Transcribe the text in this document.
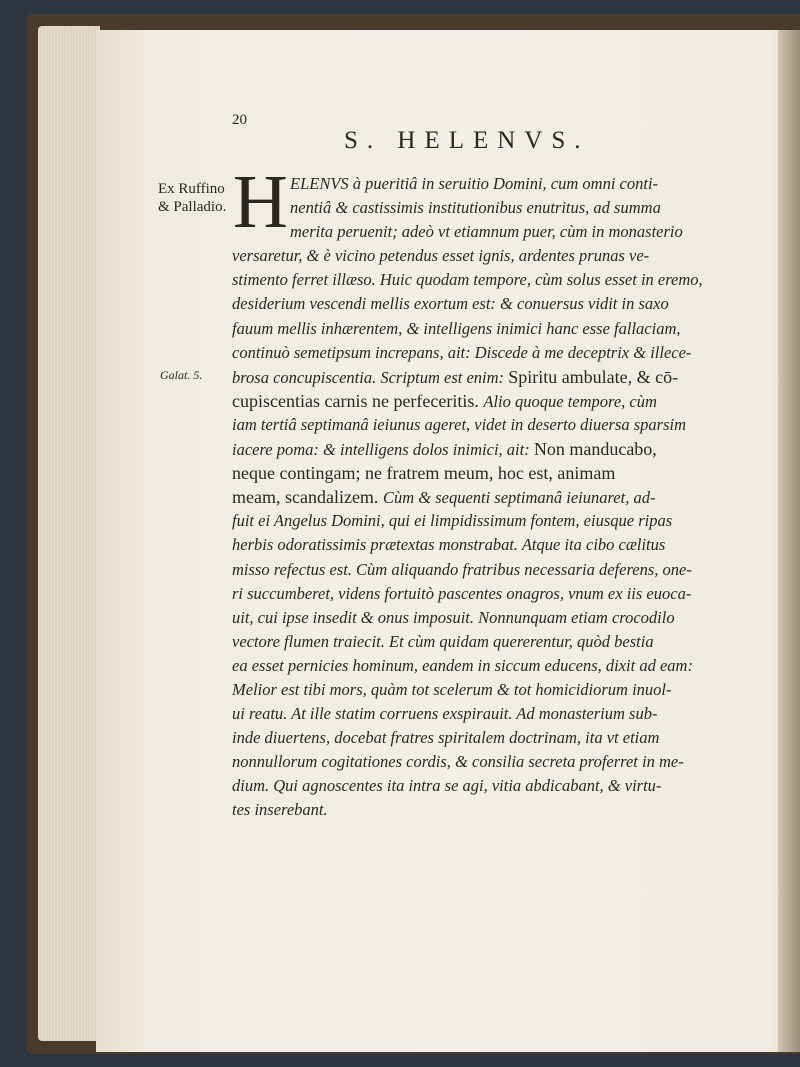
20
S. HELENVS.
Ex Ruffino
& Palladio.
Galat. 5.
H ELENVS à pueritiâ in seruitio Domini, cum omni conti-
nentiâ & castissimis institutionibus enutritus, ad summa
merita peruenit; adeò vt etiamnum puer, cùm in monasterio
versaretur, & è vicino petendus esset ignis, ardentes prunas ve-
stimento ferret illæso. Huic quodam tempore, cùm solus esset in eremo,
desiderium vescendi mellis exortum est: & conuersus vidit in saxo
fauum mellis inhærentem, & intelligens inimici hanc esse fallaciam,
continuò semetipsum increpans, ait: Discede à me deceptrix & illece-
brosa concupiscentia. Scriptum est enim: Spiritu ambulate, & cō-
cupiscentias carnis ne perfeceritis. Alio quoque tempore, cùm
iam tertiâ septimanâ ieiunus ageret, videt in deserto diuersa sparsim
iacere poma: & intelligens dolos inimici, ait: Non manducabo,
neque contingam; ne fratrem meum, hoc est, animam
meam, scandalizem. Cùm & sequenti septimanâ ieiunaret, ad-
fuit ei Angelus Domini, qui ei limpidissimum fontem, eiusque ripas
herbis odoratissimis prætextas monstrabat. Atque ita cibo cælitus
misso refectus est. Cùm aliquando fratribus necessaria deferens, one-
ri succumberet, videns fortuitò pascentes onagros, vnum ex iis euoca-
uit, cui ipse insedit & onus imposuit. Nonnunquam etiam crocodilo
vectore flumen traiecit. Et cùm quidam quererentur, quòd bestia
ea esset pernicies hominum, eandem in siccum educens, dixit ad eam:
Melior est tibi mors, quàm tot scelerum & tot homicidiorum inuol-
ui reatu. At ille statim corruens exspirauit. Ad monasterium sub-
inde diuertens, docebat fratres spiritalem doctrinam, ita vt etiam
nonnullorum cogitationes cordis, & consilia secreta proferret in me-
dium. Qui agnoscentes ita intra se agi, vitia abdicabant, & virtu-
tes inserebant.
